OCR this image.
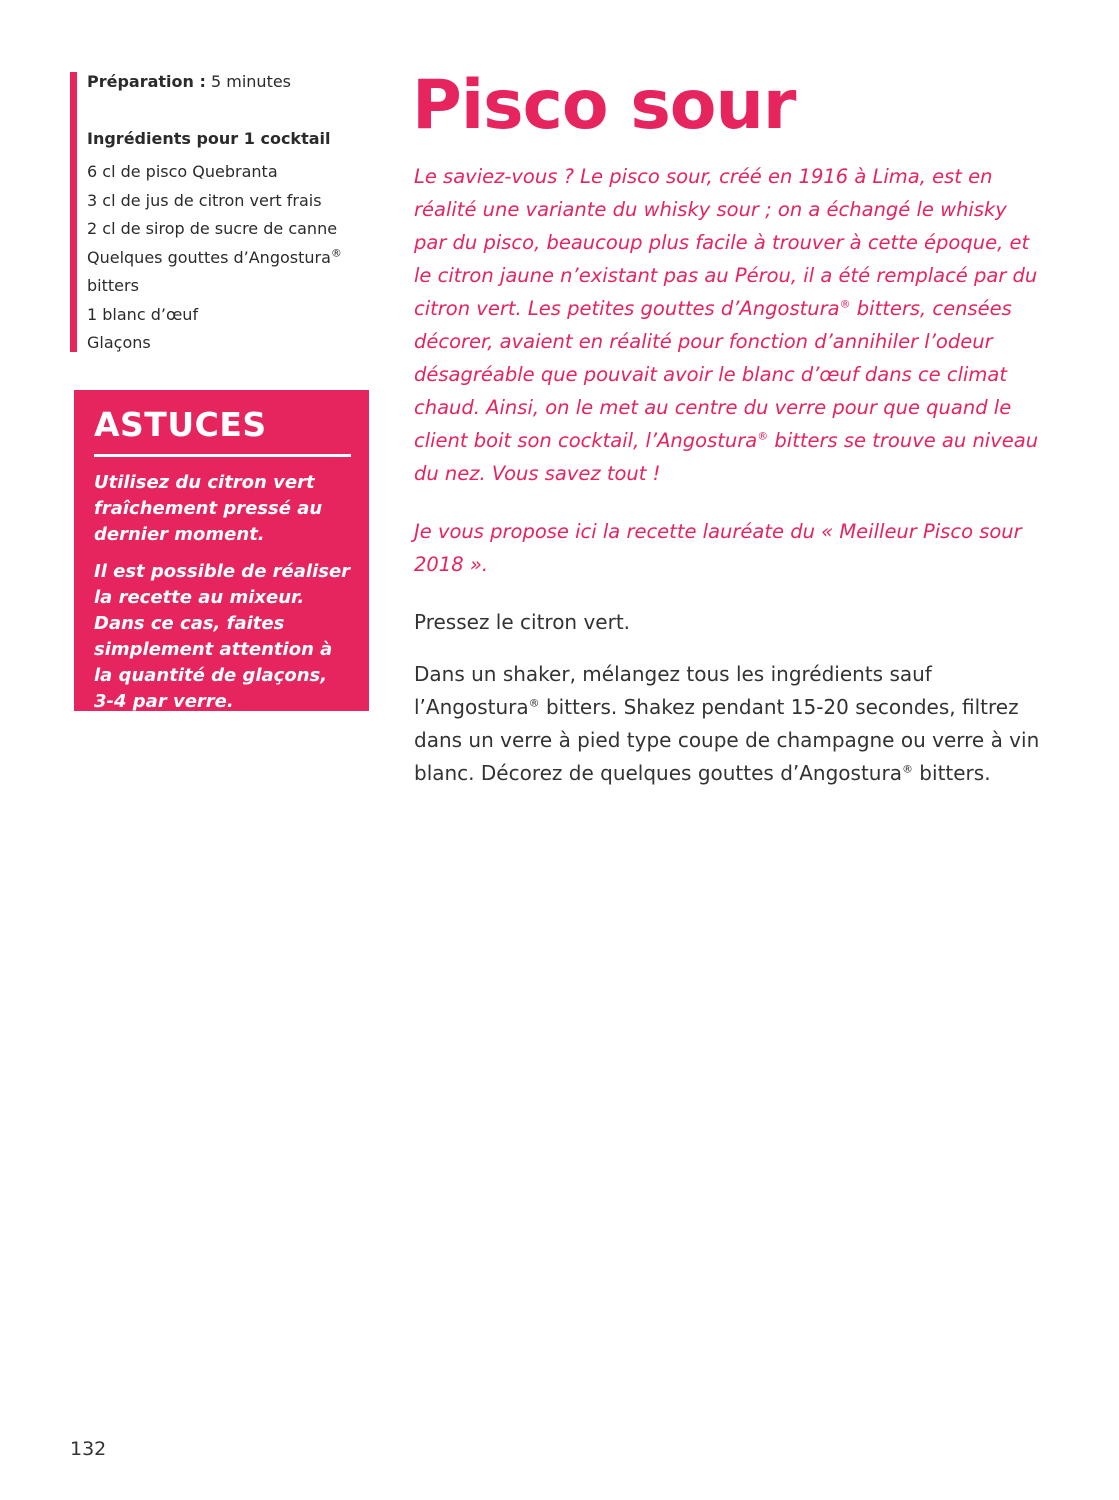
Préparation : 5 minutes

Ingrédients pour 1 cocktail

6 cl de pisco Quebranta

3 cl de jus de citron vert frais

2 cl de sirop de sucre de canne

Quelques gouttes d’Angostura®

bitters

1 blanc d’œuf

Glaçons

ASTUCES

Utilisez du citron vert fraîchement pressé au dernier moment.

Il est possible de réaliser la recette au mixeur. Dans ce cas, faites simplement attention à la quantité de glaçons, 3-4 par verre.

Pisco sour

Le saviez-vous ? Le pisco sour, créé en 1916 à Lima, est en réalité une variante du whisky sour ; on a échangé le whisky par du pisco, beaucoup plus facile à trouver à cette époque, et le citron jaune n’existant pas au Pérou, il a été remplacé par du citron vert. Les petites gouttes d’Angostura® bitters, censées décorer, avaient en réalité pour fonction d’annihiler l’odeur désagréable que pouvait avoir le blanc d’œuf dans ce climat chaud. Ainsi, on le met au centre du verre pour que quand le client boit son cocktail, l’Angostura® bitters se trouve au niveau du nez. Vous savez tout !

Je vous propose ici la recette lauréate du « Meilleur Pisco sour 2018 ».

Pressez le citron vert.

Dans un shaker, mélangez tous les ingrédients sauf l’Angostura® bitters. Shakez pendant 15-20 secondes, filtrez dans un verre à pied type coupe de champagne ou verre à vin blanc. Décorez de quelques gouttes d’Angostura® bitters.

132
